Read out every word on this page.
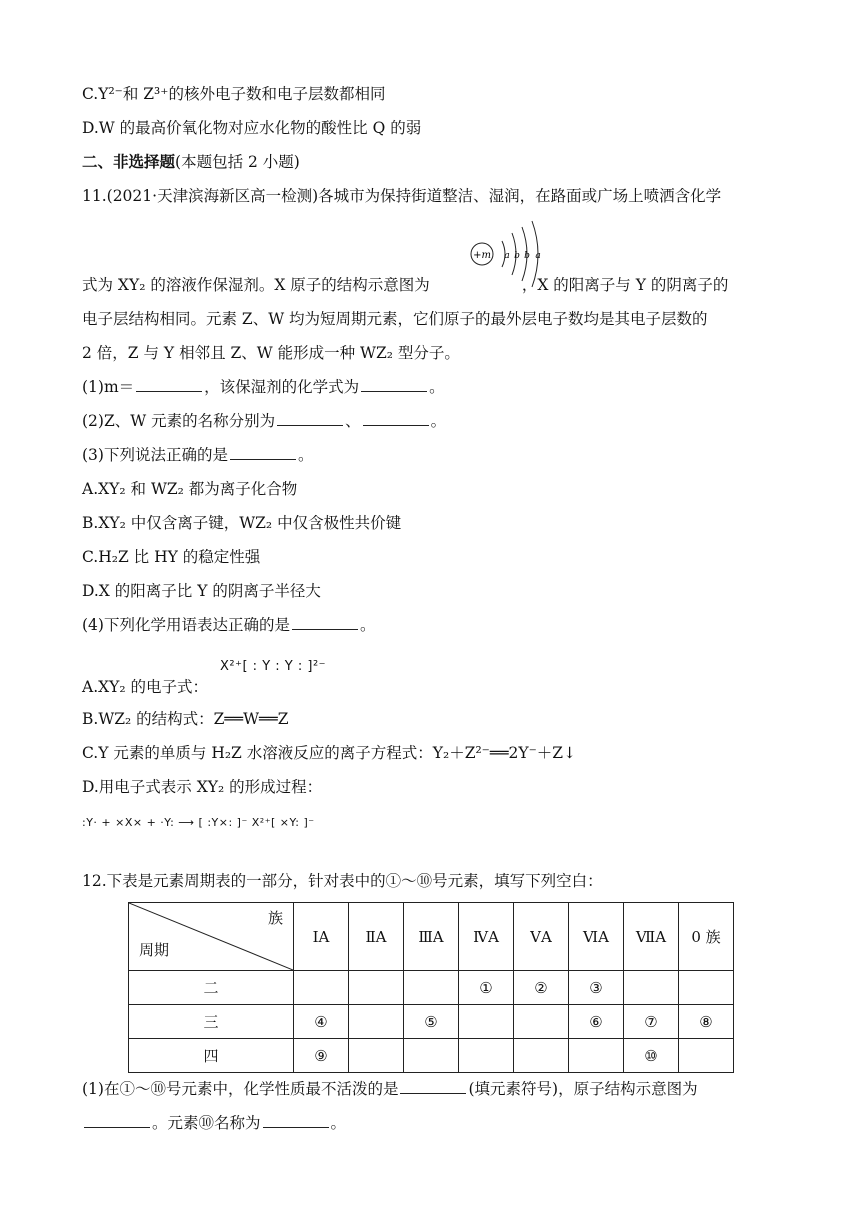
C.Y²⁻和 Z³⁺的核外电子数和电子层数都相同
D.W 的最高价氧化物对应水化物的酸性比 Q 的弱
二、非选择题(本题包括 2 小题)
11.(2021·天津滨海新区高一检测)各城市为保持街道整洁、湿润，在路面或广场上喷洒含化学
+m a b b a
式为 XY₂ 的溶液作保湿剂。X 原子的结构示意图为	，X 的阳离子与 Y 的阴离子的
电子层结构相同。元素 Z、W 均为短周期元素，它们原子的最外层电子数均是其电子层数的
2 倍，Z 与 Y 相邻且 Z、W 能形成一种 WZ₂ 型分子。
(1)m＝	，该保湿剂的化学式为	。
(2)Z、W 元素的名称分别为	、	。
(3)下列说法正确的是	。
A.XY₂ 和 WZ₂ 都为离子化合物
B.XY₂ 中仅含离子键，WZ₂ 中仅含极性共价键
C.H₂Z 比 HY 的稳定性强
D.X 的阳离子比 Y 的阴离子半径大
(4)下列化学用语表达正确的是	。
A.XY₂ 的电子式：
X²⁺[ : Y : Y : ]²⁻
B.WZ₂ 的结构式：Z══W══Z
C.Y 元素的单质与 H₂Z 水溶液反应的离子方程式：Y₂＋Z²⁻══2Y⁻＋Z↓
D.用电子式表示 XY₂ 的形成过程：
:Y· + ×X× + ·Y: ⟶ [ :Y×: ]⁻ X²⁺[ ×Y: ]⁻
12.下表是元素周期表的一部分，针对表中的①～⑩号元素，填写下列空白：
族
周期	ⅠA	ⅡA	ⅢA	ⅣA	ⅤA	ⅥA	ⅦA	0 族
二				①	②	③		
三	④		⑤			⑥	⑦	⑧
四	⑨						⑩	
(1)在①～⑩号元素中，化学性质最不活泼的是	(填元素符号)，原子结构示意图为
。元素⑩名称为	。
